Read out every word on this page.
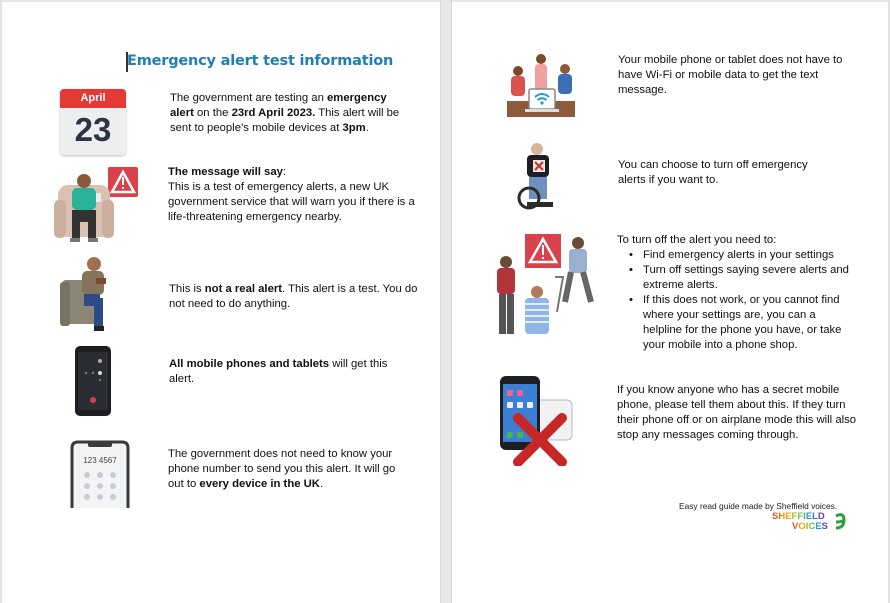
Emergency alert test information
April
23
The government are testing an emergency alert on the 23rd April 2023. This alert will be sent to people’s mobile devices at 3pm.
The message will say:
This is a test of emergency alerts, a new UK government service that will warn you if there is a life-threatening emergency nearby.
This is not a real alert. This alert is a test. You do not need to do anything.
All mobile phones and tablets will get this alert.
123 4567
The government does not need to know your phone number to send you this alert. It will go out to every device in the UK.
Your mobile phone or tablet does not have to have Wi-Fi or mobile data to get the text message.
You can choose to turn off emergency alerts if you want to.
To turn off the alert you need to:
• Find emergency alerts in your settings
• Turn off settings saying severe alerts and extreme alerts.
• If this does not work, or you cannot find where your settings are, you can a helpline for the phone you have, or take your mobile into a phone shop.
If you know anyone who has a secret mobile phone, please tell them about this. If they turn their phone off or on airplane mode this will also stop any messages coming through.
Easy read guide made by Sheffield voices.
SHEFFIELD
VOICES
